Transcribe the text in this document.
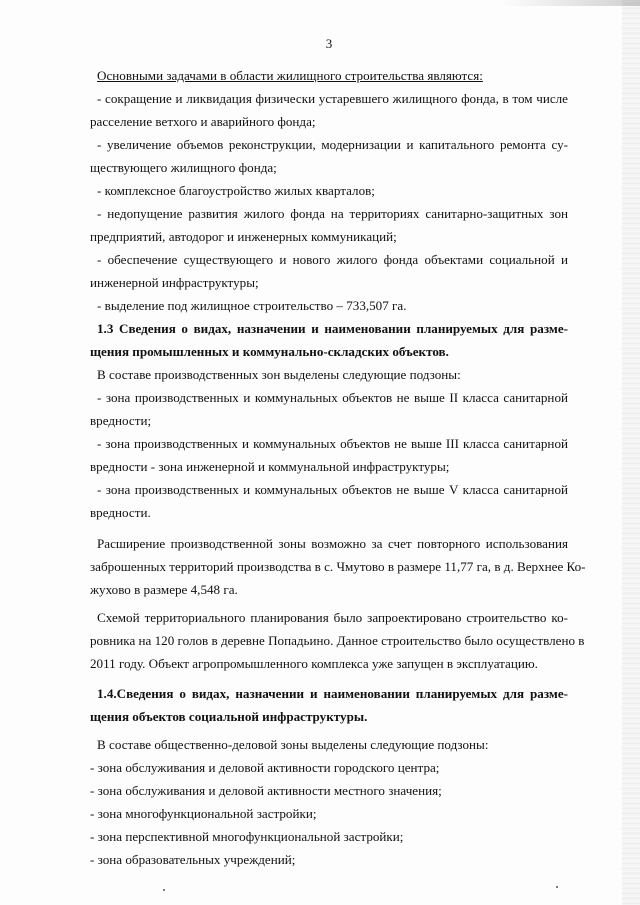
3
Основными задачами в области жилищного строительства являются:
- сокращение и ликвидация физически устаревшего жилищного фонда, в том числе
расселение ветхого и аварийного фонда;
- увеличение объемов реконструкции, модернизации и капитального ремонта су-
ществующего жилищного фонда;
- комплексное благоустройство жилых кварталов;
- недопущение развития жилого фонда на территориях санитарно-защитных зон
предприятий, автодорог и инженерных коммуникаций;
- обеспечение существующего и нового жилого фонда объектами социальной и
инженерной инфраструктуры;
- выделение под жилищное строительство – 733,507 га.
1.3 Сведения о видах, назначении и наименовании планируемых для разме-
щения промышленных и коммунально-складских объектов.
В составе производственных зон выделены следующие подзоны:
- зона производственных и коммунальных объектов не выше II класса санитарной
вредности;
- зона производственных и коммунальных объектов не выше III класса санитарной
вредности - зона инженерной и коммунальной инфраструктуры;
- зона производственных и коммунальных объектов не выше V класса санитарной
вредности.
Расширение производственной зоны возможно за счет повторного использования
заброшенных территорий производства в с. Чмутово в размере 11,77 га, в д. Верхнее Ко-
жухово в размере 4,548 га.
Схемой территориального планирования было запроектировано строительство ко-
ровника на 120 голов в деревне Попадьино. Данное строительство было осуществлено в
2011 году. Объект агропромышленного комплекса уже запущен в эксплуатацию.
1.4.Сведения о видах, назначении и наименовании планируемых для разме-
щения объектов социальной инфраструктуры.
В составе общественно-деловой зоны выделены следующие подзоны:
- зона обслуживания и деловой активности городского центра;
- зона обслуживания и деловой активности местного значения;
- зона многофункциональной застройки;
- зона перспективной многофункциональной застройки;
- зона образовательных учреждений;
